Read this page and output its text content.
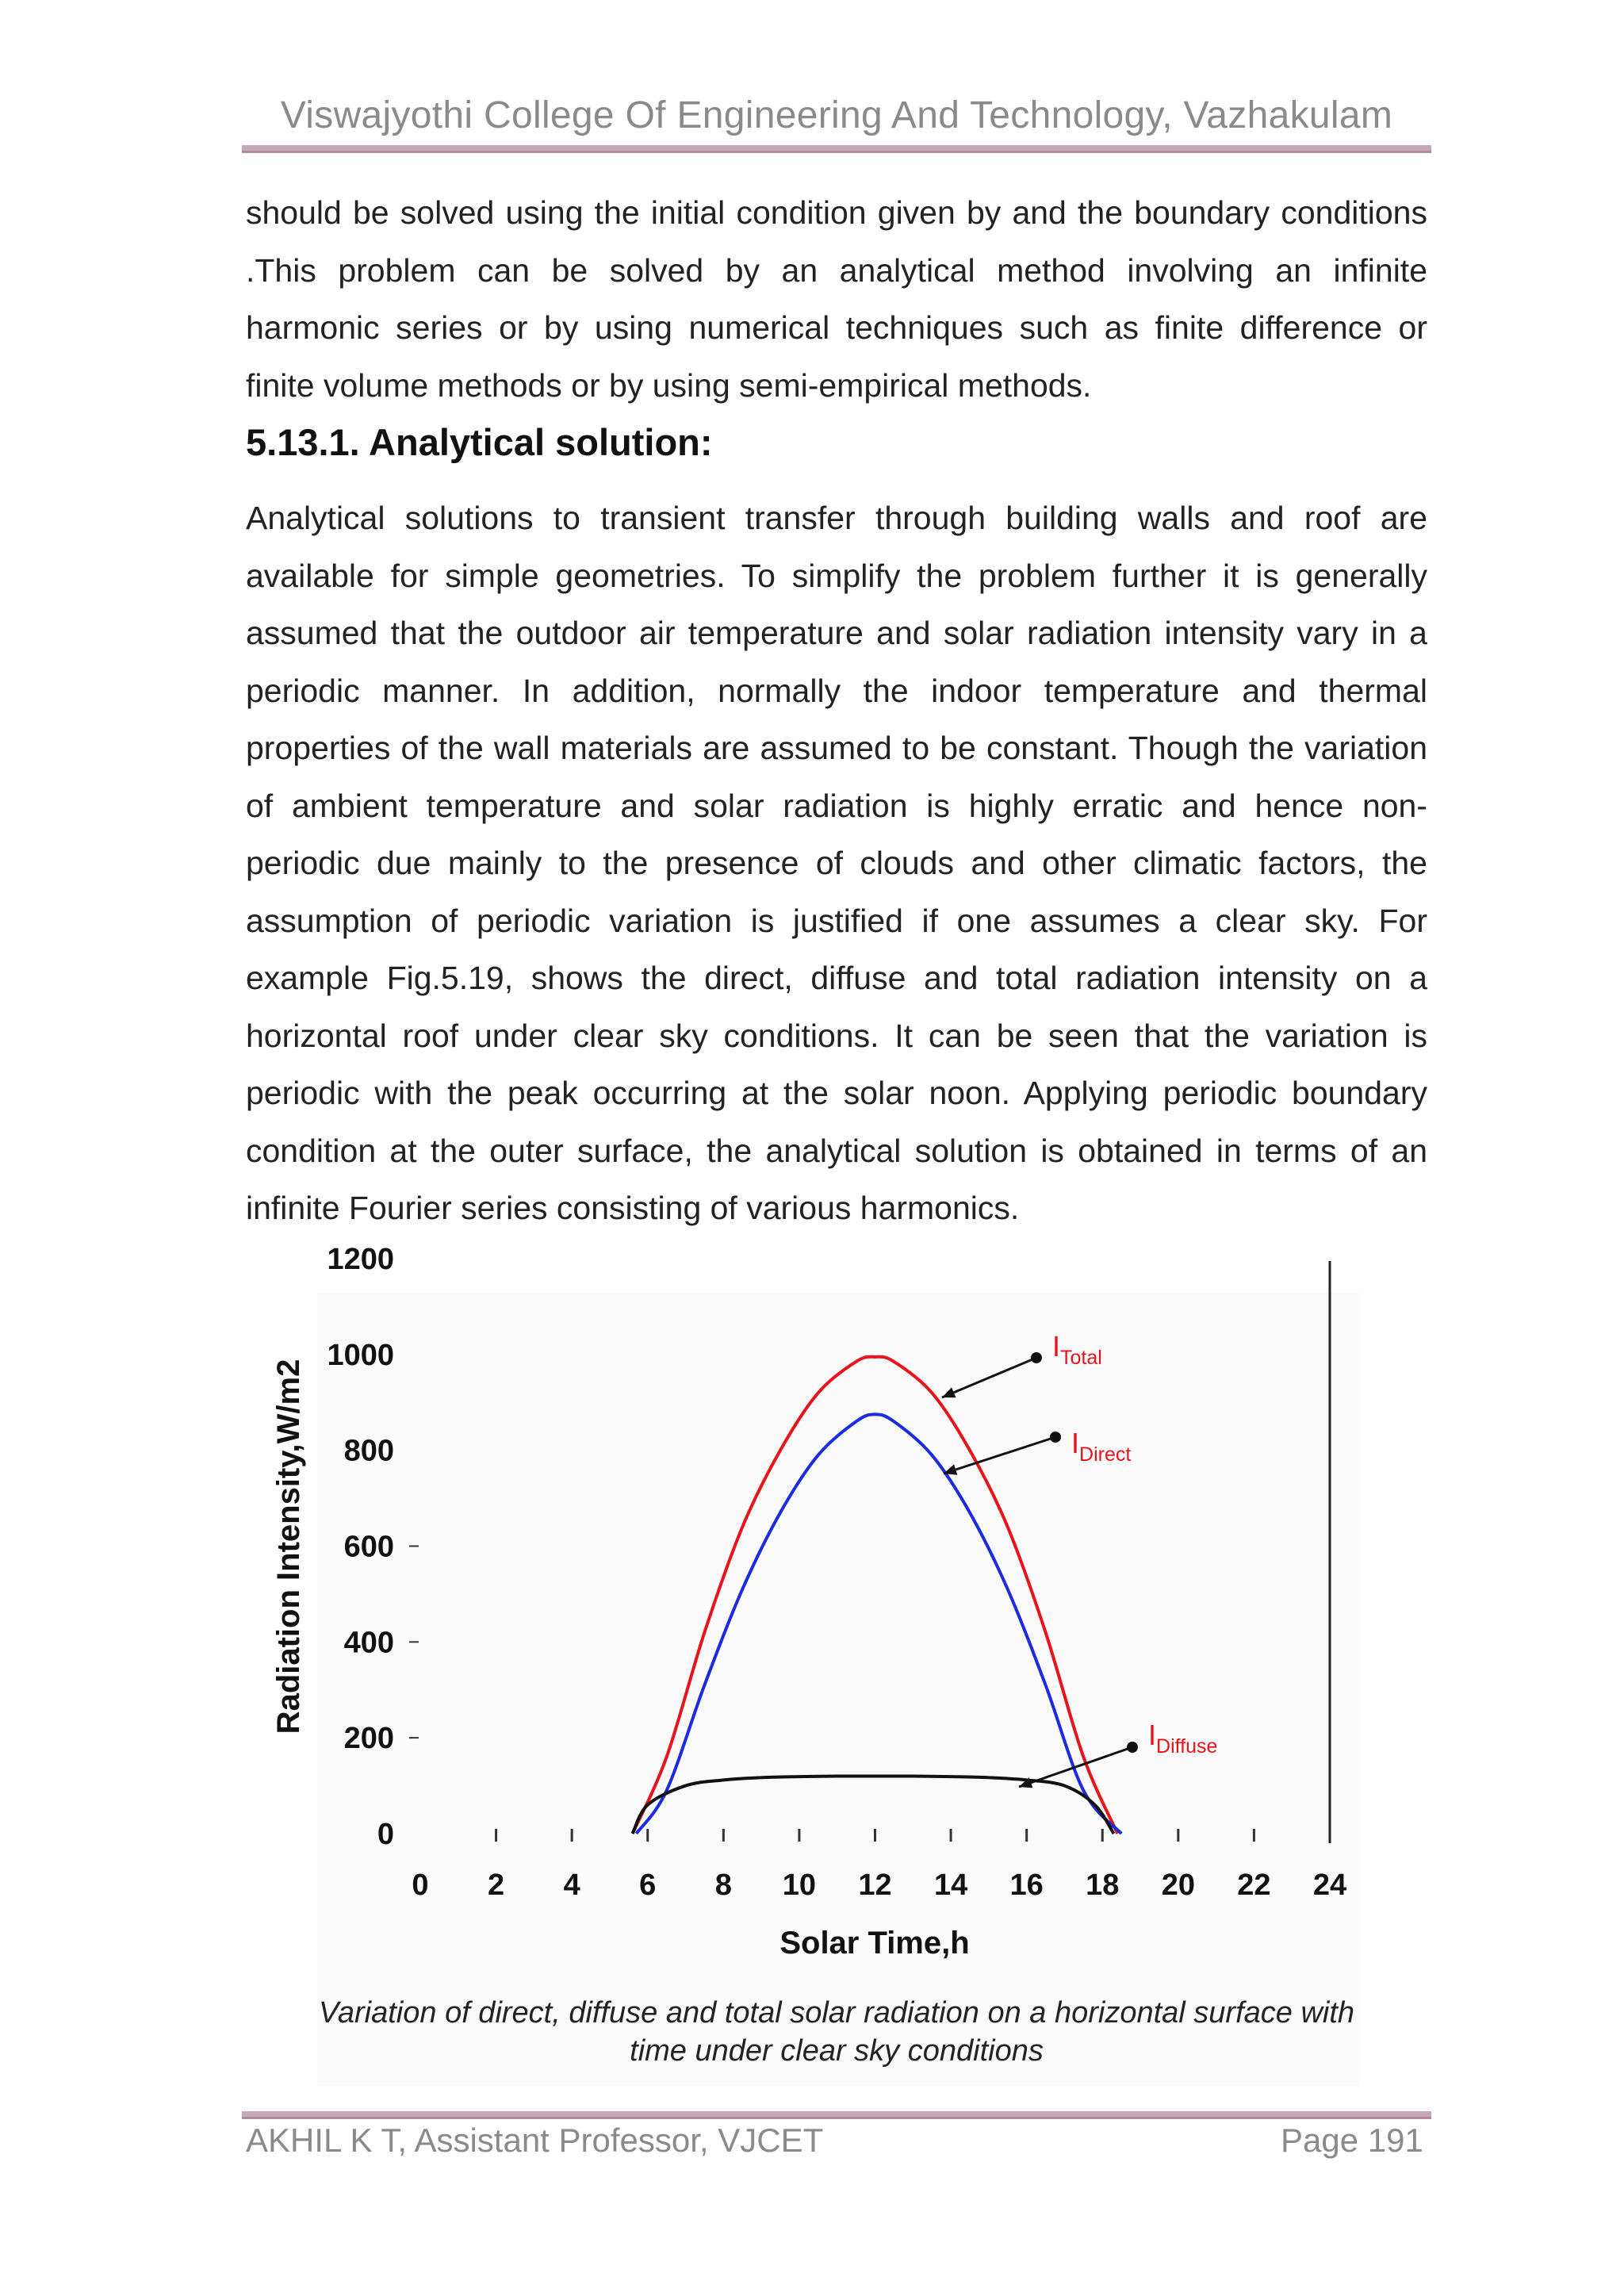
Viswajyothi College Of Engineering And Technology, Vazhakulam
should be solved using the initial condition given by and the boundary conditions
.This problem can be solved by an analytical method involving an infinite
harmonic series or by using numerical techniques such as finite difference or
finite volume methods or by using semi-empirical methods.
5.13.1. Analytical solution:
Analytical solutions to transient transfer through building walls and roof are
available for simple geometries. To simplify the problem further it is generally
assumed that the outdoor air temperature and solar radiation intensity vary in a
periodic manner. In addition, normally the indoor temperature and thermal
properties of the wall materials are assumed to be constant. Though the variation
of ambient temperature and solar radiation is highly erratic and hence non-
periodic due mainly to the presence of clouds and other climatic factors, the
assumption of periodic variation is justified if one assumes a clear sky. For
example Fig.5.19, shows the direct, diffuse and total radiation intensity on a
horizontal roof under clear sky conditions. It can be seen that the variation is
periodic with the peak occurring at the solar noon. Applying periodic boundary
condition at the outer surface, the analytical solution is obtained in terms of an
infinite Fourier series consisting of various harmonics.
0
200
400
600
800
1000
1200
0 2 4 6 8 10 12 14 16 18 20 22 24
Solar Time,h
Radiation Intensity,W/m2
$I_{Total}$
$I_{Direct}$
$I_{Diffuse}$
Variation of direct, diffuse and total solar radiation on a horizontal surface with
time under clear sky conditions
AKHIL K T, Assistant Professor, VJCET	Page 191
